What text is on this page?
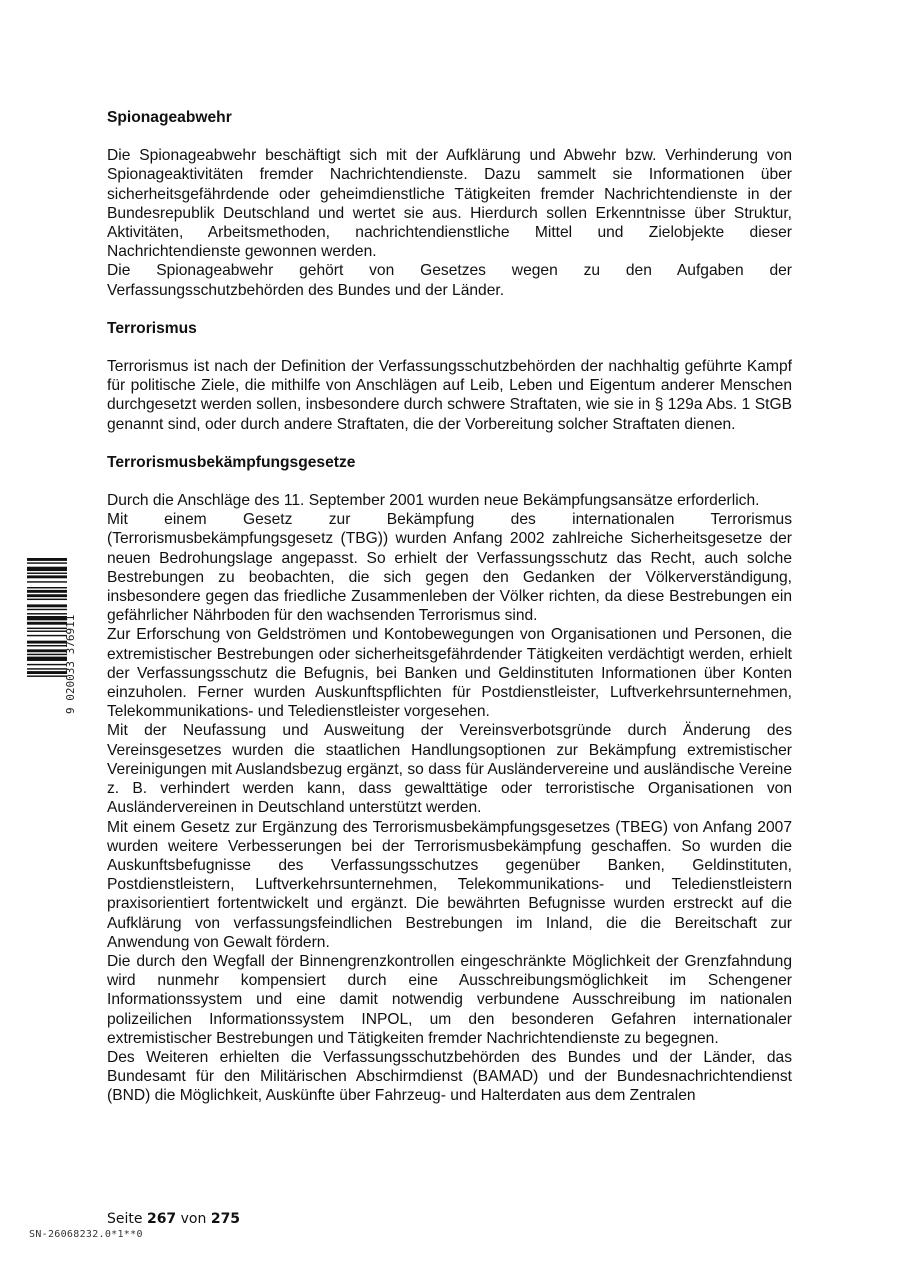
Spionageabwehr

Die Spionageabwehr beschäftigt sich mit der Aufklärung und Abwehr bzw. Verhinderung von Spionageaktivitäten fremder Nachrichtendienste. Dazu sammelt sie Informationen über sicherheitsgefährdende oder geheimdienstliche Tätigkeiten fremder Nachrichtendienste in der Bundesrepublik Deutschland und wertet sie aus. Hierdurch sollen Erkenntnisse über Struktur, Aktivitäten, Arbeitsmethoden, nachrichtendienstliche Mittel und Zielobjekte dieser Nachrichtendienste gewonnen werden.

Die Spionageabwehr gehört von Gesetzes wegen zu den Aufgaben der Verfassungsschutzbehörden des Bundes und der Länder.

Terrorismus

Terrorismus ist nach der Definition der Verfassungsschutzbehörden der nachhaltig geführte Kampf für politische Ziele, die mithilfe von Anschlägen auf Leib, Leben und Eigentum anderer Menschen durchgesetzt werden sollen, insbesondere durch schwere Straftaten, wie sie in § 129a Abs. 1 StGB genannt sind, oder durch andere Straftaten, die der Vorbereitung solcher Straftaten dienen.

Terrorismusbekämpfungsgesetze

Durch die Anschläge des 11. September 2001 wurden neue Bekämpfungsansätze erforderlich.

Mit einem Gesetz zur Bekämpfung des internationalen Terrorismus (Terrorismusbekämpfungsgesetz (TBG)) wurden Anfang 2002 zahlreiche Sicherheitsgesetze der neuen Bedrohungslage angepasst. So erhielt der Verfassungsschutz das Recht, auch solche Bestrebungen zu beobachten, die sich gegen den Gedanken der Völkerverständigung, insbesondere gegen das friedliche Zusammenleben der Völker richten, da diese Bestrebungen ein gefährlicher Nährboden für den wachsenden Terrorismus sind.

Zur Erforschung von Geldströmen und Kontobewegungen von Organisationen und Personen, die extremistischer Bestrebungen oder sicherheitsgefährdender Tätigkeiten verdächtigt werden, erhielt der Verfassungsschutz die Befugnis, bei Banken und Geldinstituten Informationen über Konten einzuholen. Ferner wurden Auskunftspflichten für Postdienstleister, Luftverkehrsunternehmen, Telekommunikations- und Teledienstleister vorgesehen.

Mit der Neufassung und Ausweitung der Vereinsverbotsgründe durch Änderung des Vereinsgesetzes wurden die staatlichen Handlungsoptionen zur Bekämpfung extremistischer Vereinigungen mit Auslandsbezug ergänzt, so dass für Ausländervereine und ausländische Vereine z. B. verhindert werden kann, dass gewalttätige oder terroristische Organisationen von Ausländervereinen in Deutschland unterstützt werden.

Mit einem Gesetz zur Ergänzung des Terrorismusbekämpfungsgesetzes (TBEG) von Anfang 2007 wurden weitere Verbesserungen bei der Terrorismusbekämpfung geschaffen. So wurden die Auskunftsbefugnisse des Verfassungsschutzes gegenüber Banken, Geldinstituten, Postdienstleistern, Luftverkehrsunternehmen, Telekommunikations- und Teledienstleistern praxisorientiert fortentwickelt und ergänzt. Die bewährten Befugnisse wurden erstreckt auf die Aufklärung von verfassungsfeindlichen Bestrebungen im Inland, die die Bereitschaft zur Anwendung von Gewalt fördern.

Die durch den Wegfall der Binnengrenzkontrollen eingeschränkte Möglichkeit der Grenzfahndung wird nunmehr kompensiert durch eine Ausschreibungsmöglichkeit im Schengener Informationssystem und eine damit notwendig verbundene Ausschreibung im nationalen polizeilichen Informationssystem INPOL, um den besonderen Gefahren internationaler extremistischer Bestrebungen und Tätigkeiten fremder Nachrichtendienste zu begegnen.

Des Weiteren erhielten die Verfassungsschutzbehörden des Bundes und der Länder, das Bundesamt für den Militärischen Abschirmdienst (BAMAD) und der Bundesnachrichtendienst (BND) die Möglichkeit, Auskünfte über Fahrzeug- und Halterdaten aus dem Zentralen

9 020033 376911
Seite 267 von 275
SN-26068232.0*1**0
